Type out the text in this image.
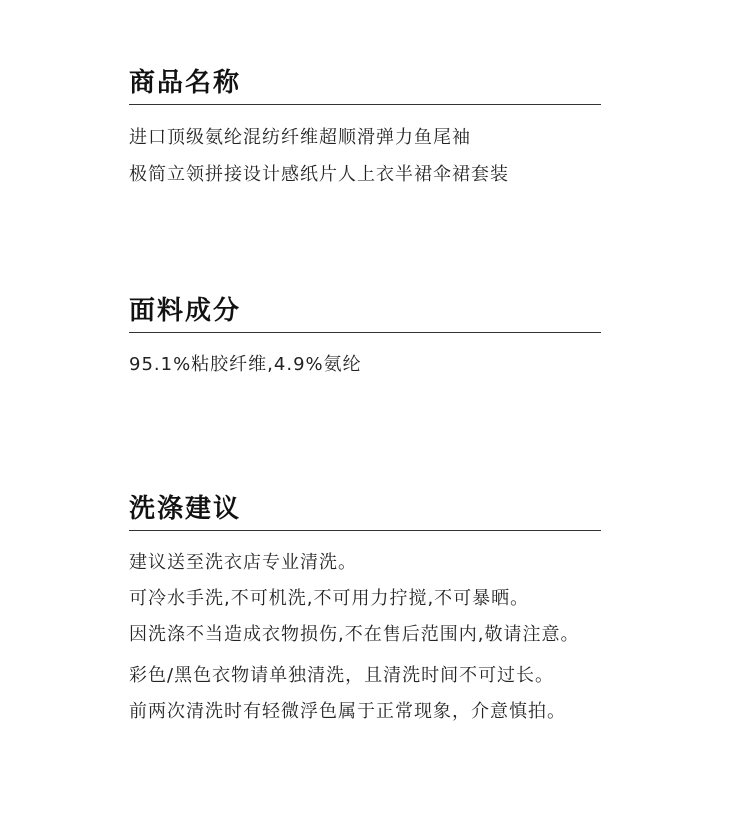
商品名称
进口顶级氨纶混纺纤维超顺滑弹力鱼尾袖
极简立领拼接设计感纸片人上衣半裙伞裙套装
面料成分
95.1%粘胶纤维,4.9%氨纶
洗涤建议
建议送至洗衣店专业清洗。
可冷水手洗,不可机洗,不可用力拧搅,不可暴晒。
因洗涤不当造成衣物损伤,不在售后范围内,敬请注意。
彩色/黑色衣物请单独清洗，且清洗时间不可过长。
前两次清洗时有轻微浮色属于正常现象，介意慎拍。
